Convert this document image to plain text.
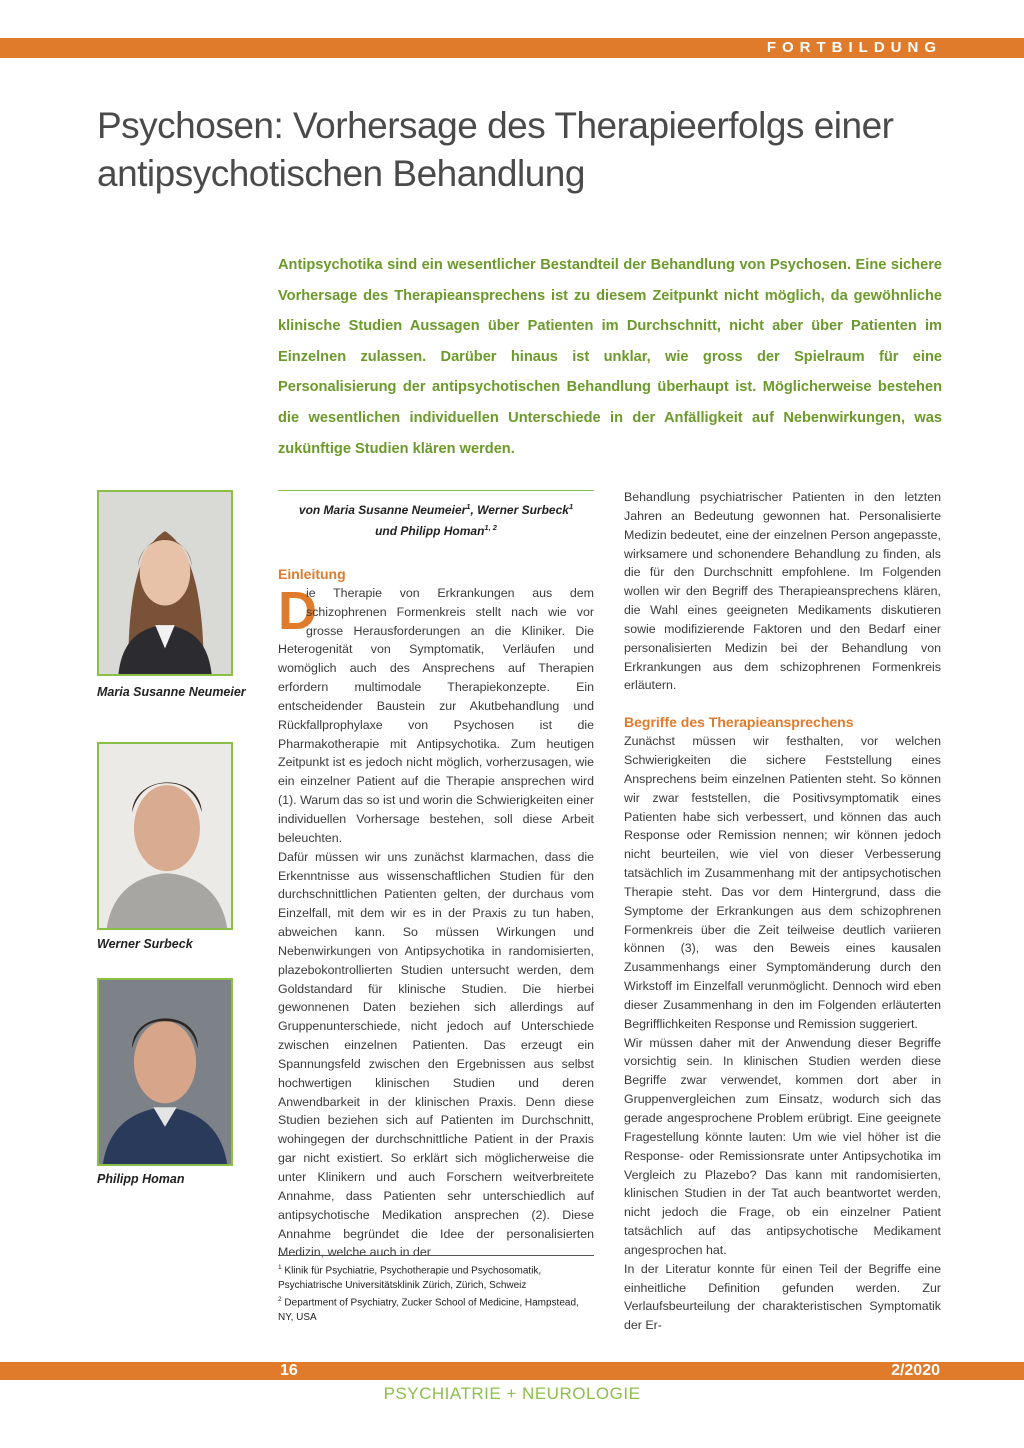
FORTBILDUNG
Psychosen: Vorhersage des Therapieerfolgs einer antipsychotischen Behandlung

Antipsychotika sind ein wesentlicher Bestandteil der Behandlung von Psychosen. Eine sichere Vorhersage des Therapieansprechens ist zu diesem Zeitpunkt nicht möglich, da gewöhnliche klinische Studien Aussagen über Patienten im Durchschnitt, nicht aber über Patienten im Einzelnen zulassen. Darüber hinaus ist unklar, wie gross der Spielraum für eine Personalisierung der antipsychotischen Behandlung überhaupt ist. Möglicherweise bestehen die wesentlichen individuellen Unterschiede in der Anfälligkeit auf Nebenwirkungen, was zukünftige Studien klären werden.

Maria Susanne Neumeier

Werner Surbeck

Philipp Homan

von Maria Susanne Neumeier$^1$, Werner Surbeck$^1$
und Philipp Homan$^{1, 2}$
Einleitung

D
ie Therapie von Erkrankungen aus dem schizophrenen Formenkreis stellt nach wie vor grosse Herausforderungen an die Kliniker. Die Heterogenität von Symptomatik, Verläufen und womöglich auch des Ansprechens auf Therapien erfordern multimodale Therapiekonzepte. Ein entscheidender Baustein zur Akutbehandlung und Rückfallprophylaxe von Psychosen ist die Pharmakotherapie mit Antipsychotika. Zum heutigen Zeitpunkt ist es jedoch nicht möglich, vorherzusagen, wie ein einzelner Patient auf die Therapie ansprechen wird (1). Warum das so ist und worin die Schwierigkeiten einer individuellen Vorhersage bestehen, soll diese Arbeit beleuchten.

Dafür müssen wir uns zunächst klarmachen, dass die Erkenntnisse aus wissenschaftlichen Studien für den durchschnittlichen Patienten gelten, der durchaus vom Einzelfall, mit dem wir es in der Praxis zu tun haben, abweichen kann. So müssen Wirkungen und Nebenwirkungen von Antipsychotika in randomisierten, plazebokontrollierten Studien untersucht werden, dem Goldstandard für klinische Studien. Die hierbei gewonnenen Daten beziehen sich allerdings auf Gruppenunterschiede, nicht jedoch auf Unterschiede zwischen einzelnen Patienten. Das erzeugt ein Spannungsfeld zwischen den Ergebnissen aus selbst hochwertigen klinischen Studien und deren Anwendbarkeit in der klinischen Praxis. Denn diese Studien beziehen sich auf Patienten im Durchschnitt, wohingegen der durchschnittliche Patient in der Praxis gar nicht existiert. So erklärt sich möglicherweise die unter Klinikern und auch Forschern weitverbreitete Annahme, dass Patienten sehr unterschiedlich auf antipsychotische Medikation ansprechen (2). Diese Annahme begründet die Idee der personalisierten Medizin, welche auch in der

$^1$ Klinik für Psychiatrie, Psychotherapie und Psychosomatik, Psychiatrische Universitätsklinik Zürich, Zürich, Schweiz

$^2$ Department of Psychiatry, Zucker School of Medicine, Hampstead, NY, USA

Behandlung psychiatrischer Patienten in den letzten Jahren an Bedeutung gewonnen hat. Personalisierte Medizin bedeutet, eine der einzelnen Person angepasste, wirksamere und schonendere Behandlung zu finden, als die für den Durchschnitt empfohlene. Im Folgenden wollen wir den Begriff des Therapieansprechens klären, die Wahl eines geeigneten Medikaments diskutieren sowie modifizierende Faktoren und den Bedarf einer personalisierten Medizin bei der Behandlung von Erkrankungen aus dem schizophrenen Formenkreis erläutern.

Begriffe des Therapieansprechens

Zunächst müssen wir festhalten, vor welchen Schwierigkeiten die sichere Feststellung eines Ansprechens beim einzelnen Patienten steht. So können wir zwar feststellen, die Positivsymptomatik eines Patienten habe sich verbessert, und können das auch Response oder Remission nennen; wir können jedoch nicht beurteilen, wie viel von dieser Verbesserung tatsächlich im Zusammenhang mit der antipsychotischen Therapie steht. Das vor dem Hintergrund, dass die Symptome der Erkrankungen aus dem schizophrenen Formenkreis über die Zeit teilweise deutlich variieren können (3), was den Beweis eines kausalen Zusammenhangs einer Symptomänderung durch den Wirkstoff im Einzelfall verunmöglicht. Dennoch wird eben dieser Zusammenhang in den im Folgenden erläuterten Begrifflichkeiten Response und Remission suggeriert.

Wir müssen daher mit der Anwendung dieser Begriffe vorsichtig sein. In klinischen Studien werden diese Begriffe zwar verwendet, kommen dort aber in Gruppenvergleichen zum Einsatz, wodurch sich das gerade angesprochene Problem erübrigt. Eine geeignete Fragestellung könnte lauten: Um wie viel höher ist die Response- oder Remissionsrate unter Antipsychotika im Vergleich zu Plazebo? Das kann mit randomisierten, klinischen Studien in der Tat auch beantwortet werden, nicht jedoch die Frage, ob ein einzelner Patient tatsächlich auf das antipsychotische Medikament angesprochen hat.

In der Literatur konnte für einen Teil der Begriffe eine einheitliche Definition gefunden werden. Zur Verlaufsbeurteilung der charakteristischen Symptomatik der Er-

16	2/2020
PSYCHIATRIE + NEUROLOGIE
